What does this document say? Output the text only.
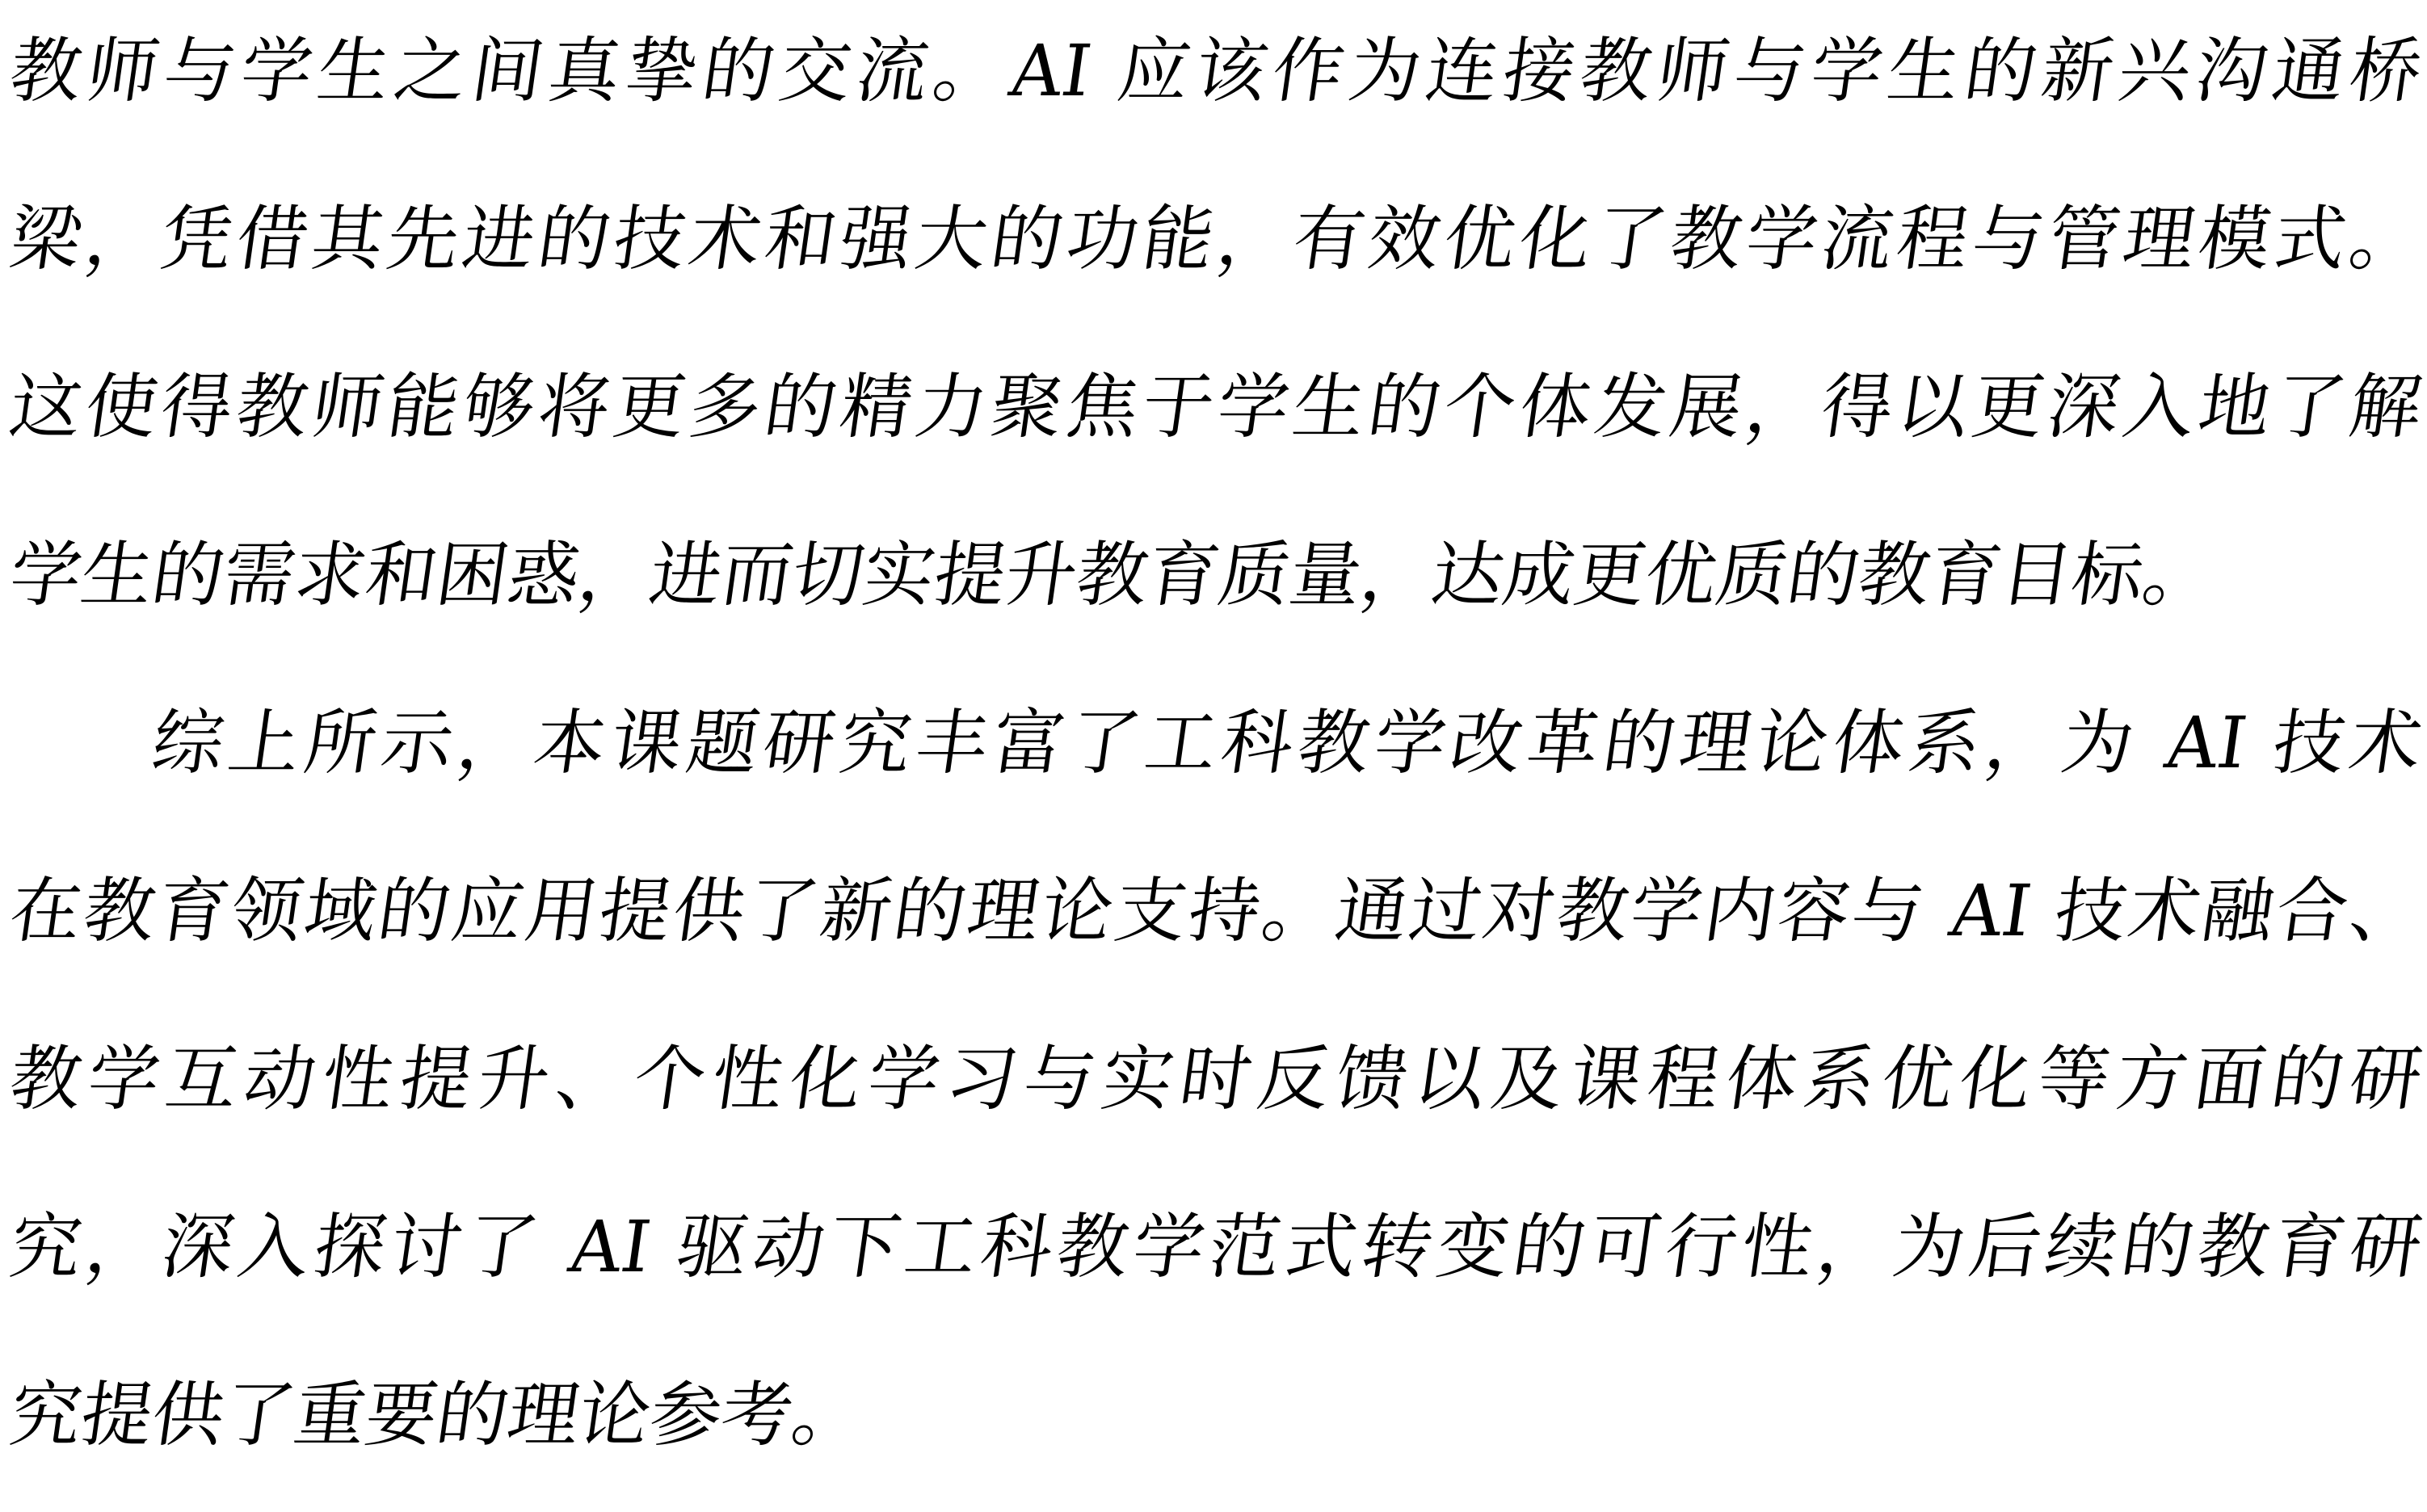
教师与学生之间真挚的交流。AI 应该作为连接教师与学生的新兴沟通桥

梁，凭借其先进的技术和强大的功能，有效优化了教学流程与管理模式。

这使得教师能够将更多的精力聚焦于学生的个体发展，得以更深入地了解

学生的需求和困惑，进而切实提升教育质量，达成更优质的教育目标。

综上所示，本课题研究丰富了工科教学改革的理论体系，为 AI 技术

在教育领域的应用提供了新的理论支持。通过对教学内容与 AI 技术融合、

教学互动性提升、个性化学习与实时反馈以及课程体系优化等方面的研

究，深入探讨了 AI 驱动下工科教学范式转变的可行性，为后续的教育研

究提供了重要的理论参考。
